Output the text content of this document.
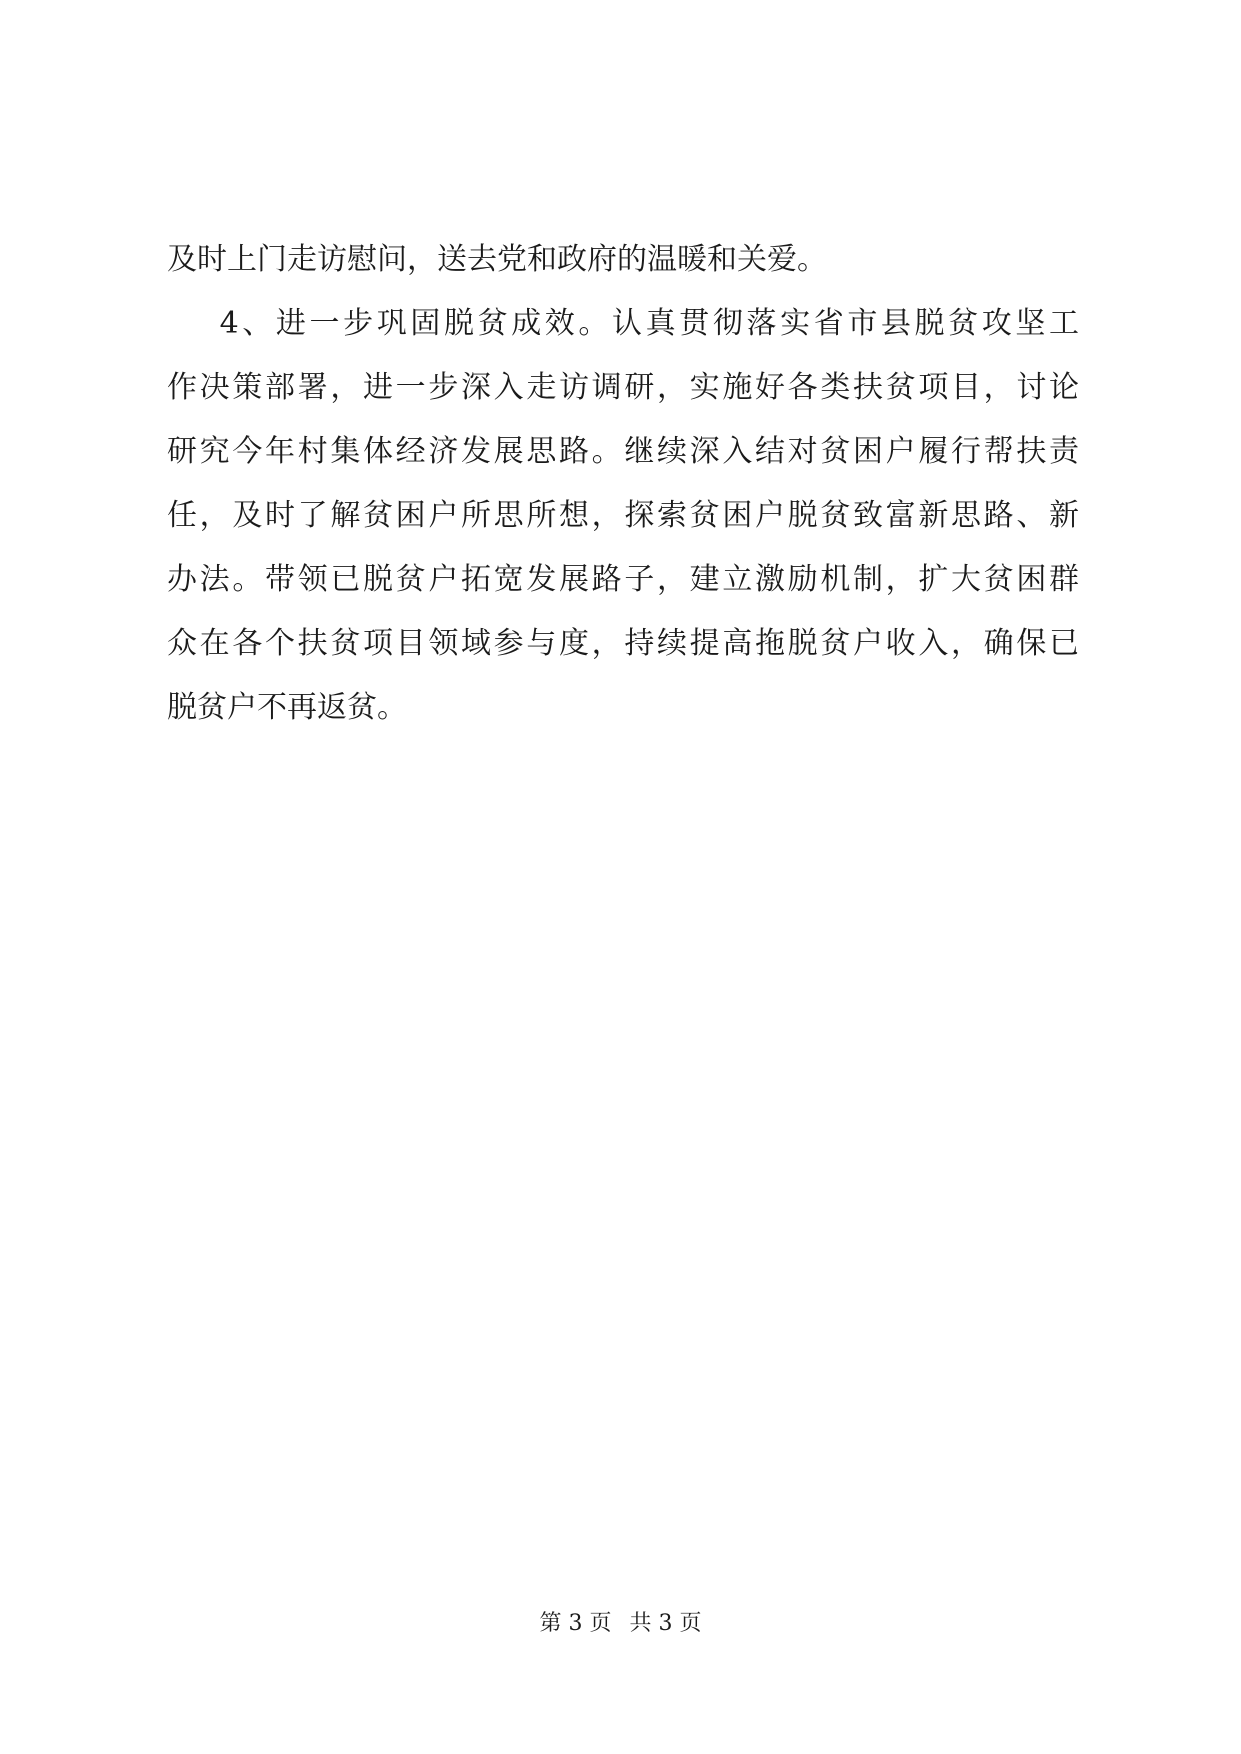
及时上门走访慰问，送去党和政府的温暖和关爱。
4、进一步巩固脱贫成效。认真贯彻落实省市县脱贫攻坚工
作决策部署，进一步深入走访调研，实施好各类扶贫项目，讨论
研究今年村集体经济发展思路。继续深入结对贫困户履行帮扶责
任，及时了解贫困户所思所想，探索贫困户脱贫致富新思路、新
办法。带领已脱贫户拓宽发展路子，建立激励机制，扩大贫困群
众在各个扶贫项目领域参与度，持续提高拖脱贫户收入，确保已
脱贫户不再返贫。
第 3 页 共 3 页
